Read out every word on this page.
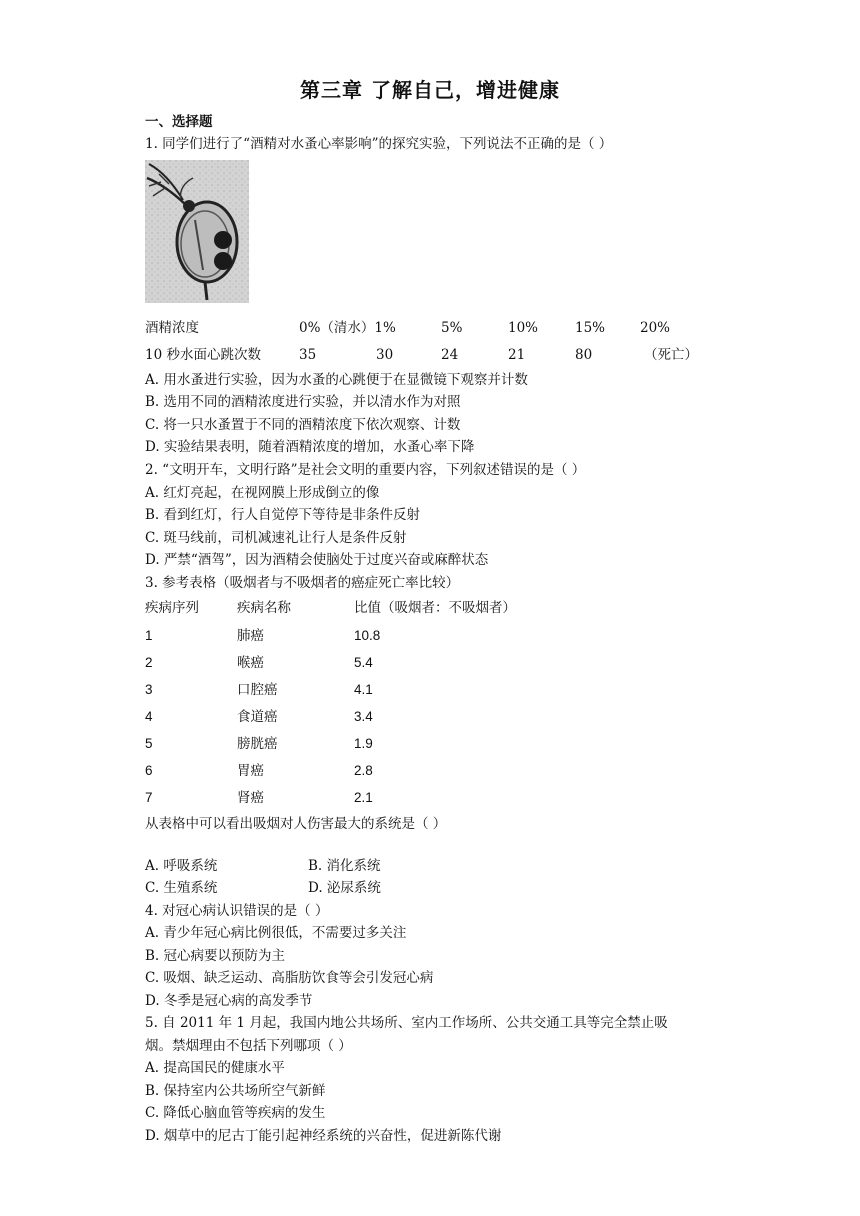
第三章 了解自己，增进健康
一、选择题
1. 同学们进行了“酒精对水蚤心率影响”的探究实验，下列说法不正确的是（ ）
酒精浓度	0%（清水）1%	5%	10%	15%	20%
10 秒水面心跳次数	35	30	24	21	80	（死亡）
A. 用水蚤进行实验，因为水蚤的心跳便于在显微镜下观察并计数
B. 选用不同的酒精浓度进行实验，并以清水作为对照
C. 将一只水蚤置于不同的酒精浓度下依次观察、计数
D. 实验结果表明，随着酒精浓度的增加，水蚤心率下降
2. “文明开车，文明行路”是社会文明的重要内容，下列叙述错误的是（ ）
A. 红灯亮起，在视网膜上形成倒立的像
B. 看到红灯，行人自觉停下等待是非条件反射
C. 斑马线前，司机减速礼让行人是条件反射
D. 严禁“酒驾”，因为酒精会使脑处于过度兴奋或麻醉状态
3. 参考表格（吸烟者与不吸烟者的癌症死亡率比较）
疾病序列	疾病名称	比值（吸烟者：不吸烟者）
1	肺癌	10.8
2	喉癌	5.4
3	口腔癌	4.1
4	食道癌	3.4
5	膀胱癌	1.9
6	胃癌	2.8
7	肾癌	2.1
从表格中可以看出吸烟对人伤害最大的系统是（ ）
A. 呼吸系统	B. 消化系统
C. 生殖系统	D. 泌尿系统
4. 对冠心病认识错误的是（ ）
A. 青少年冠心病比例很低，不需要过多关注
B. 冠心病要以预防为主
C. 吸烟、缺乏运动、高脂肪饮食等会引发冠心病
D. 冬季是冠心病的高发季节
5. 自 2011 年 1 月起，我国内地公共场所、室内工作场所、公共交通工具等完全禁止吸
烟。禁烟理由不包括下列哪项（ ）
A. 提高国民的健康水平
B. 保持室内公共场所空气新鲜
C. 降低心脑血管等疾病的发生
D. 烟草中的尼古丁能引起神经系统的兴奋性，促进新陈代谢
